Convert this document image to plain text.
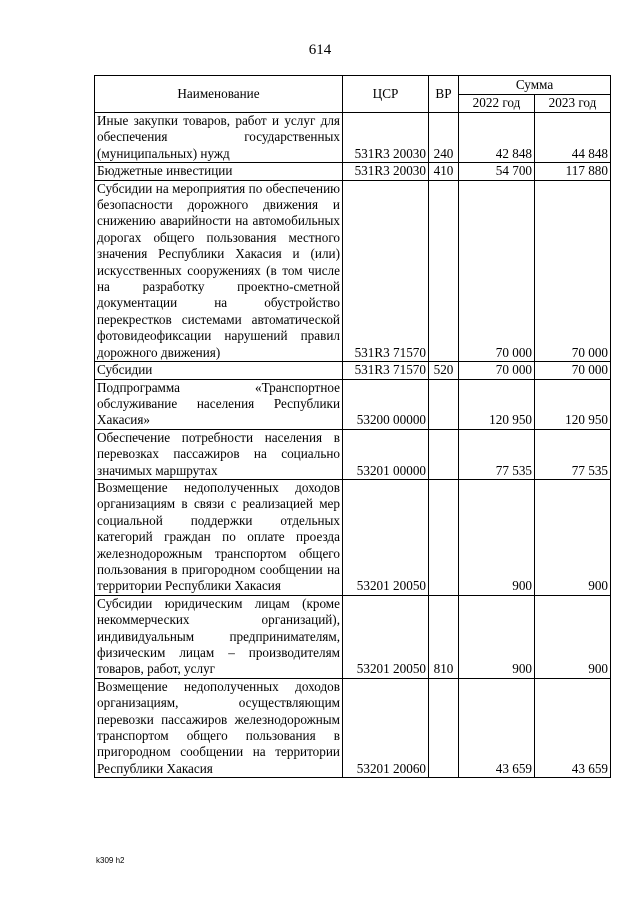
614
Наименование	ЦСР	ВР	Сумма	
			2022 год	2023 год
Иные закупки товаров, работ и услуг для обеспечения государственных (муниципальных) нужд	531R3 20030	240	42 848	44 848
Бюджетные инвестиции	531R3 20030	410	54 700	117 880
Субсидии на мероприятия по обеспечению безопасности дорожного движения и снижению аварийности на автомобильных дорогах общего пользования местного значения Республики Хакасия и (или) искусственных сооружениях (в том числе на разработку проектно-сметной документации на обустройство перекрестков системами автоматической фотовидеофиксации нарушений правил дорожного движения)	531R3 71570		70 000	70 000
Субсидии	531R3 71570	520	70 000	70 000
Подпрограмма «Транспортное обслуживание населения Республики Хакасия»	53200 00000		120 950	120 950
Обеспечение потребности населения в перевозках пассажиров на социально значимых маршрутах	53201 00000		77 535	77 535
Возмещение недополученных доходов организациям в связи с реализацией мер социальной поддержки отдельных категорий граждан по оплате проезда железнодорожным транспортом общего пользования в пригородном сообщении на территории Республики Хакасия	53201 20050		900	900
Субсидии юридическим лицам (кроме некоммерческих организаций), индивидуальным предпринимателям, физическим лицам – производителям товаров, работ, услуг	53201 20050	810	900	900
Возмещение недополученных доходов организациям, осуществляющим перевозки пассажиров железнодорожным транспортом общего пользования в пригородном сообщении на территории Республики Хакасия	53201 20060		43 659	43 659
k309 h2
